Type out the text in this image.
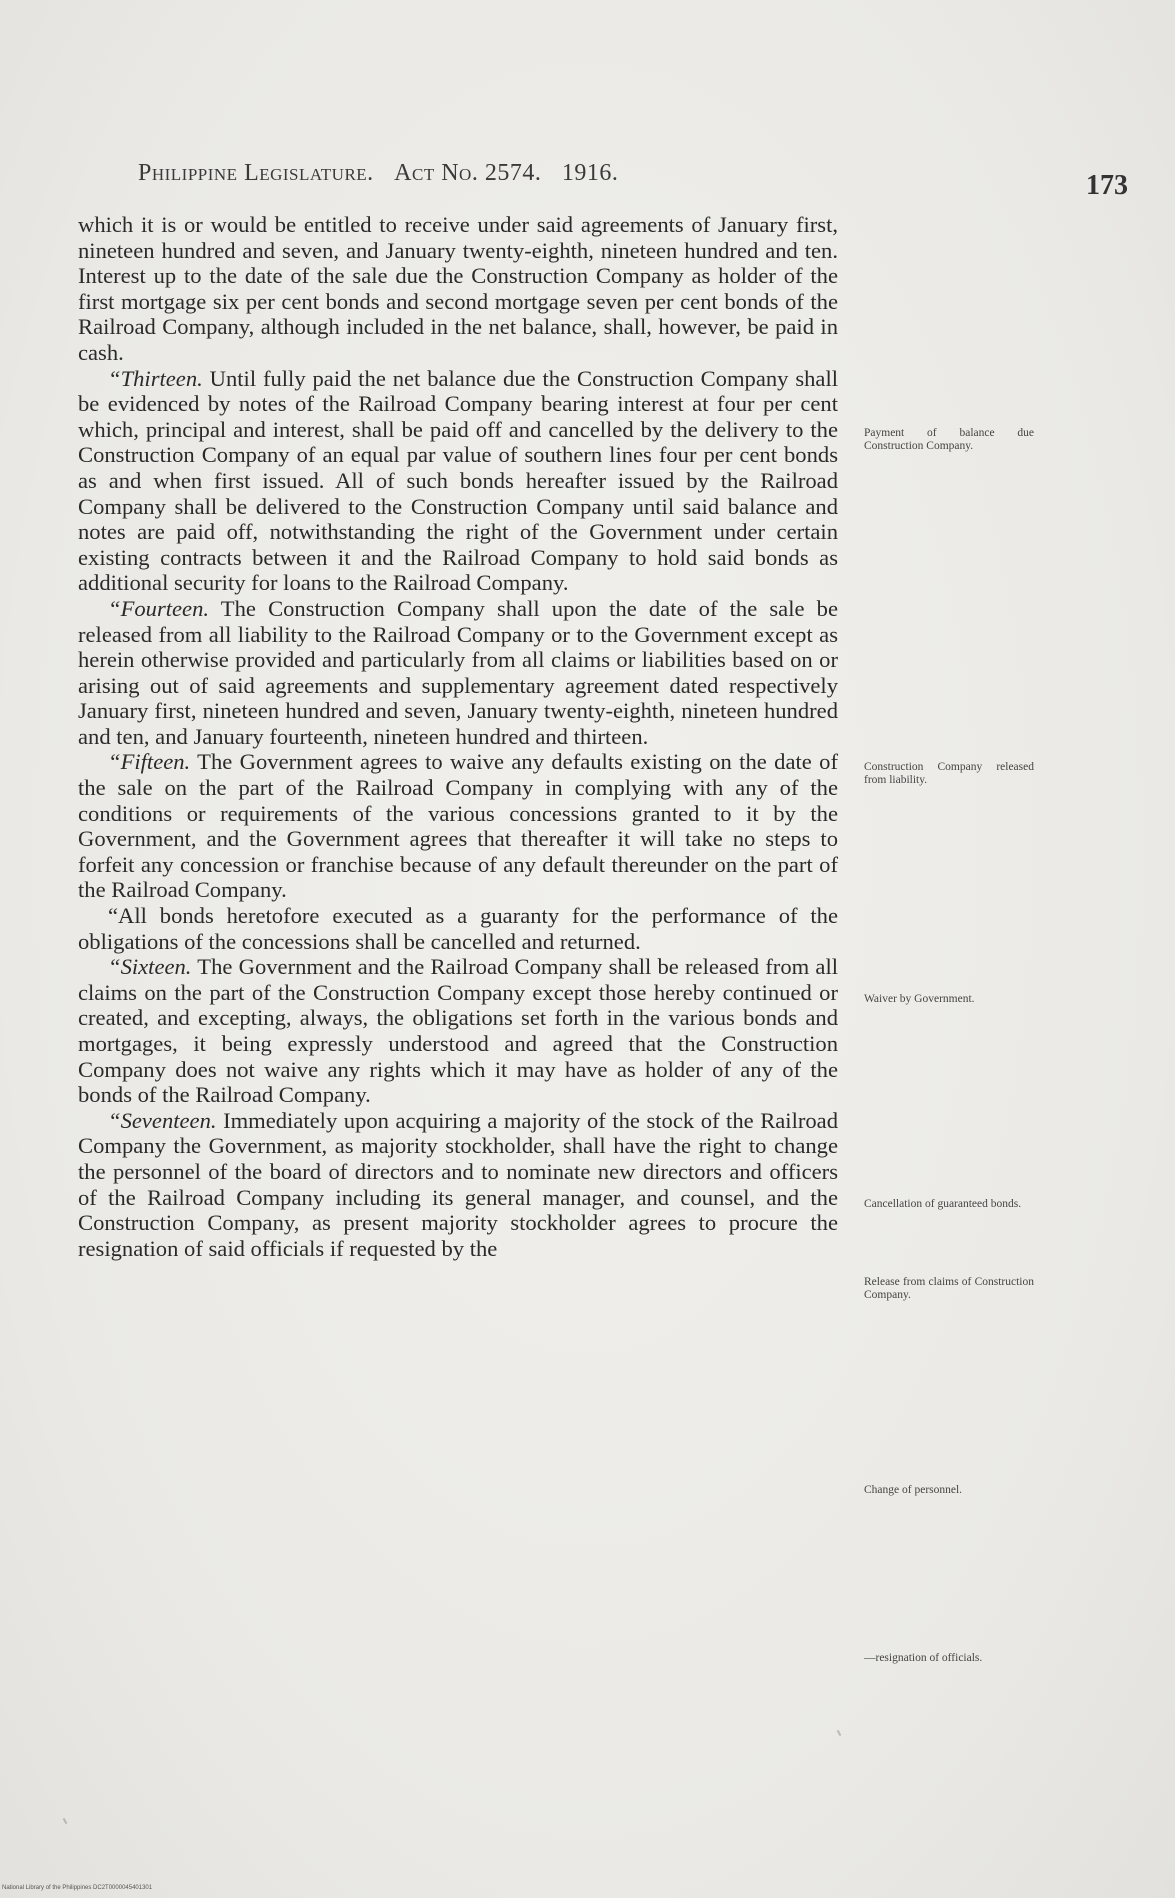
Philippine Legislature. Act No. 2574. 1916.	173

which it is or would be entitled to receive under said agreements of January first, nineteen hundred and seven, and January twenty-eighth, nineteen hundred and ten. Interest up to the date of the sale due the Construction Company as holder of the first mortgage six per cent bonds and second mortgage seven per cent bonds of the Railroad Company, although included in the net balance, shall, however, be paid in cash.

“Thirteen. Until fully paid the net balance due the Construction Company shall be evidenced by notes of the Railroad Company bearing interest at four per cent which, principal and interest, shall be paid off and cancelled by the delivery to the Construction Company of an equal par value of southern lines four per cent bonds as and when first issued. All of such bonds hereafter issued by the Railroad Company shall be delivered to the Construction Company until said balance and notes are paid off, notwithstanding the right of the Government under certain existing contracts between it and the Railroad Company to hold said bonds as additional security for loans to the Railroad Company.

“Fourteen. The Construction Company shall upon the date of the sale be released from all liability to the Railroad Company or to the Government except as herein otherwise provided and particularly from all claims or liabilities based on or arising out of said agreements and supplementary agreement dated respectively January first, nineteen hundred and seven, January twenty-eighth, nineteen hundred and ten, and January fourteenth, nineteen hundred and thirteen.

“Fifteen. The Government agrees to waive any defaults existing on the date of the sale on the part of the Railroad Company in complying with any of the conditions or requirements of the various concessions granted to it by the Government, and the Government agrees that thereafter it will take no steps to forfeit any concession or franchise because of any default thereunder on the part of the Railroad Company.

“All bonds heretofore executed as a guaranty for the performance of the obligations of the concessions shall be cancelled and returned.

“Sixteen. The Government and the Railroad Company shall be released from all claims on the part of the Construction Company except those hereby continued or created, and excepting, always, the obligations set forth in the various bonds and mortgages, it being expressly understood and agreed that the Construction Company does not waive any rights which it may have as holder of any of the bonds of the Railroad Company.

“Seventeen. Immediately upon acquiring a majority of the stock of the Railroad Company the Government, as majority stockholder, shall have the right to change the personnel of the board of directors and to nominate new directors and officers of the Railroad Company including its general manager, and counsel, and the Construction Company, as present majority stockholder agrees to procure the resignation of said officials if requested by the

Payment of balance due Construction Company.
Construction Company released from liability.
Waiver by Government.
Cancellation of guaranteed bonds.
Release from claims of Construction Company.
Change of personnel.
—resignation of officials.
National Library of the Philippines DC2T0000045401301
